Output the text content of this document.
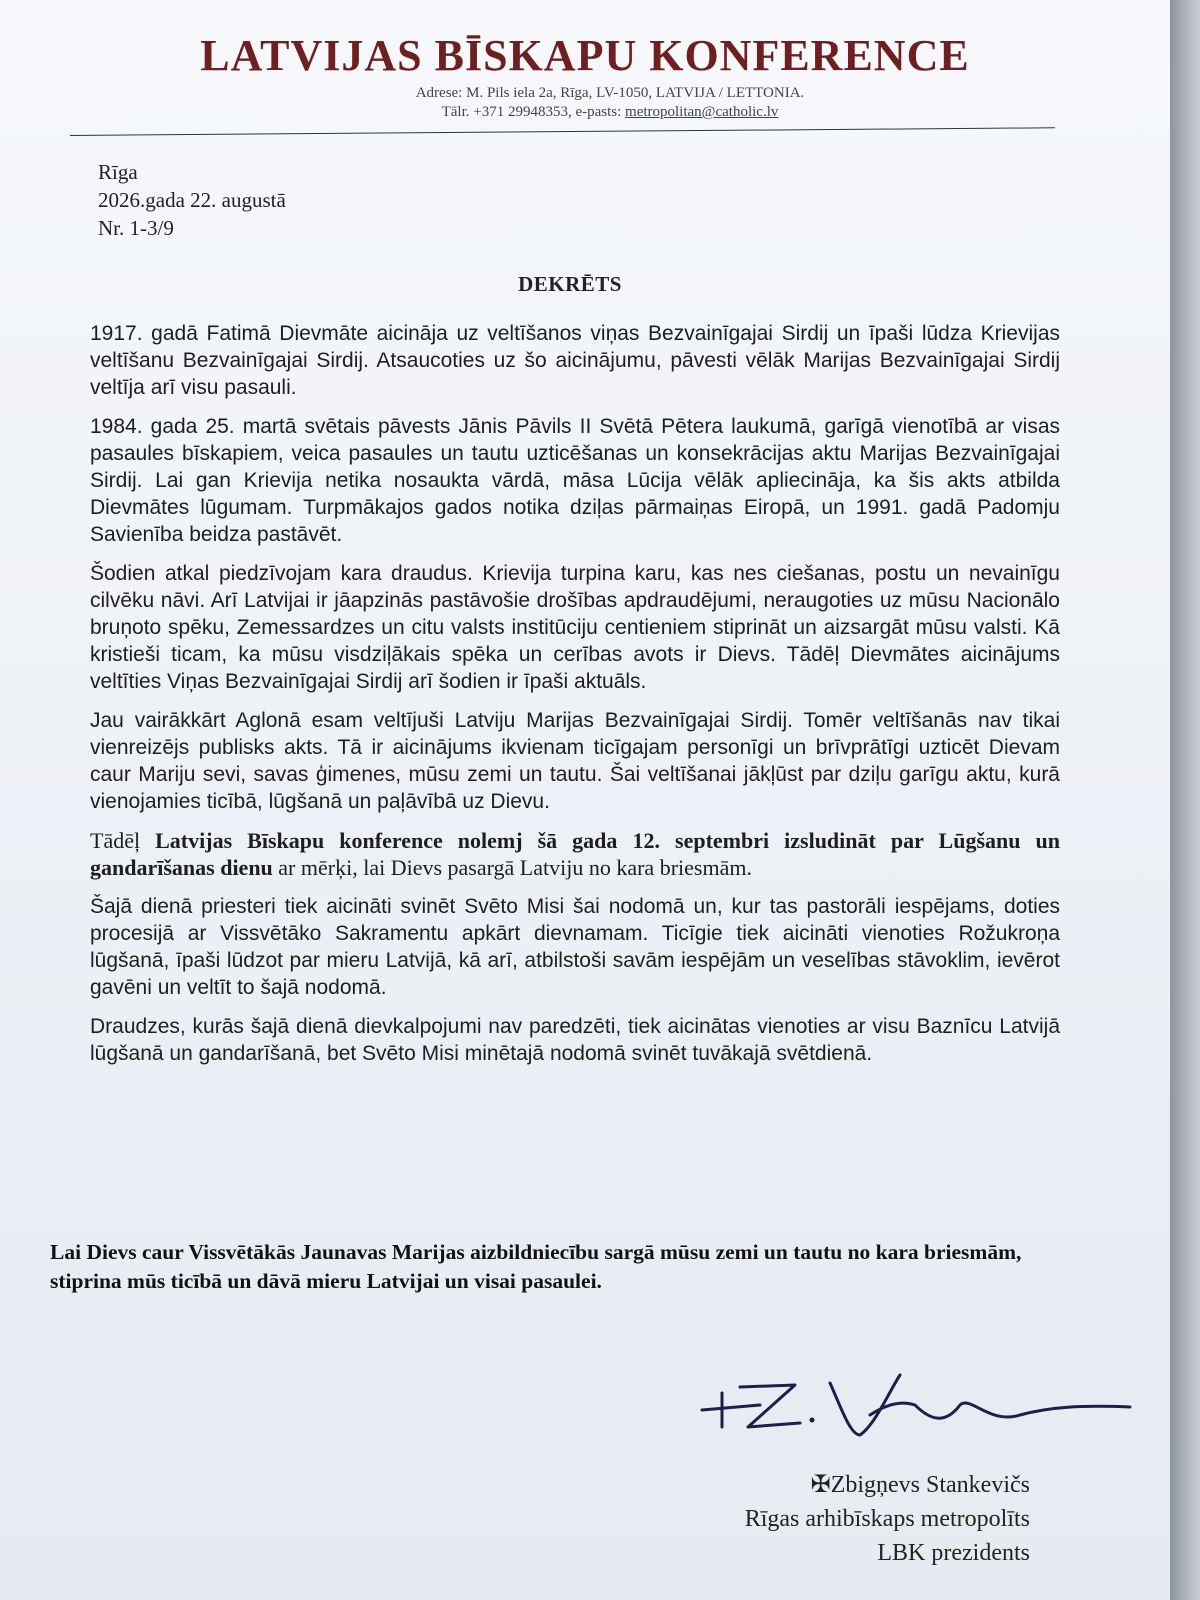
LATVIJAS BĪSKAPU KONFERENCE
Adrese: M. Pils iela 2a, Rīga, LV-1050, LATVIJA / LETTONIA.
Tālr. +371 29948353, e-pasts: metropolitan@catholic.lv
Rīga
2026.gada 22. augustā
Nr. 1-3/9
DEKRĒTS

1917. gadā Fatimā Dievmāte aicināja uz veltīšanos viņas Bezvainīgajai Sirdij un īpaši lūdza Krievijas veltīšanu Bezvainīgajai Sirdij. Atsaucoties uz šo aicinājumu, pāvesti vēlāk Marijas Bezvainīgajai Sirdij veltīja arī visu pasauli.

1984. gada 25. martā svētais pāvests Jānis Pāvils II Svētā Pētera laukumā, garīgā vienotībā ar visas pasaules bīskapiem, veica pasaules un tautu uzticēšanas un konsekrācijas aktu Marijas Bezvainīgajai Sirdij. Lai gan Krievija netika nosaukta vārdā, māsa Lūcija vēlāk apliecināja, ka šis akts atbilda Dievmātes lūgumam. Turpmākajos gados notika dziļas pārmaiņas Eiropā, un 1991. gadā Padomju Savienība beidza pastāvēt.

Šodien atkal piedzīvojam kara draudus. Krievija turpina karu, kas nes ciešanas, postu un nevainīgu cilvēku nāvi. Arī Latvijai ir jāapzinās pastāvošie drošības apdraudējumi, neraugoties uz mūsu Nacionālo bruņoto spēku, Zemessardzes un citu valsts institūciju centieniem stiprināt un aizsargāt mūsu valsti. Kā kristieši ticam, ka mūsu visdziļākais spēka un cerības avots ir Dievs. Tādēļ Dievmātes aicinājums veltīties Viņas Bezvainīgajai Sirdij arī šodien ir īpaši aktuāls.

Jau vairākkārt Aglonā esam veltījuši Latviju Marijas Bezvainīgajai Sirdij. Tomēr veltīšanās nav tikai vienreizējs publisks akts. Tā ir aicinājums ikvienam ticīgajam personīgi un brīvprātīgi uzticēt Dievam caur Mariju sevi, savas ģimenes, mūsu zemi un tautu. Šai veltīšanai jākļūst par dziļu garīgu aktu, kurā vienojamies ticībā, lūgšanā un paļāvībā uz Dievu.

Tādēļ Latvijas Bīskapu konference nolemj šā gada 12. septembri izsludināt par Lūgšanu un gandarīšanas dienu ar mērķi, lai Dievs pasargā Latviju no kara briesmām.

Šajā dienā priesteri tiek aicināti svinēt Svēto Misi šai nodomā un, kur tas pastorāli iespējams, doties procesijā ar Vissvētāko Sakramentu apkārt dievnamam. Ticīgie tiek aicināti vienoties Rožukroņa lūgšanā, īpaši lūdzot par mieru Latvijā, kā arī, atbilstoši savām iespējām un veselības stāvoklim, ievērot gavēni un veltīt to šajā nodomā.

Draudzes, kurās šajā dienā dievkalpojumi nav paredzēti, tiek aicinātas vienoties ar visu Baznīcu Latvijā lūgšanā un gandarīšanā, bet Svēto Misi minētajā nodomā svinēt tuvākajā svētdienā.

Lai Dievs caur Vissvētākās Jaunavas Marijas aizbildniecību sargā mūsu zemi un tautu no kara briesmām, stiprina mūs ticībā un dāvā mieru Latvijai un visai pasaulei.
✠Zbigņevs Stankevičs
Rīgas arhibīskaps metropolīts
LBK prezidents
